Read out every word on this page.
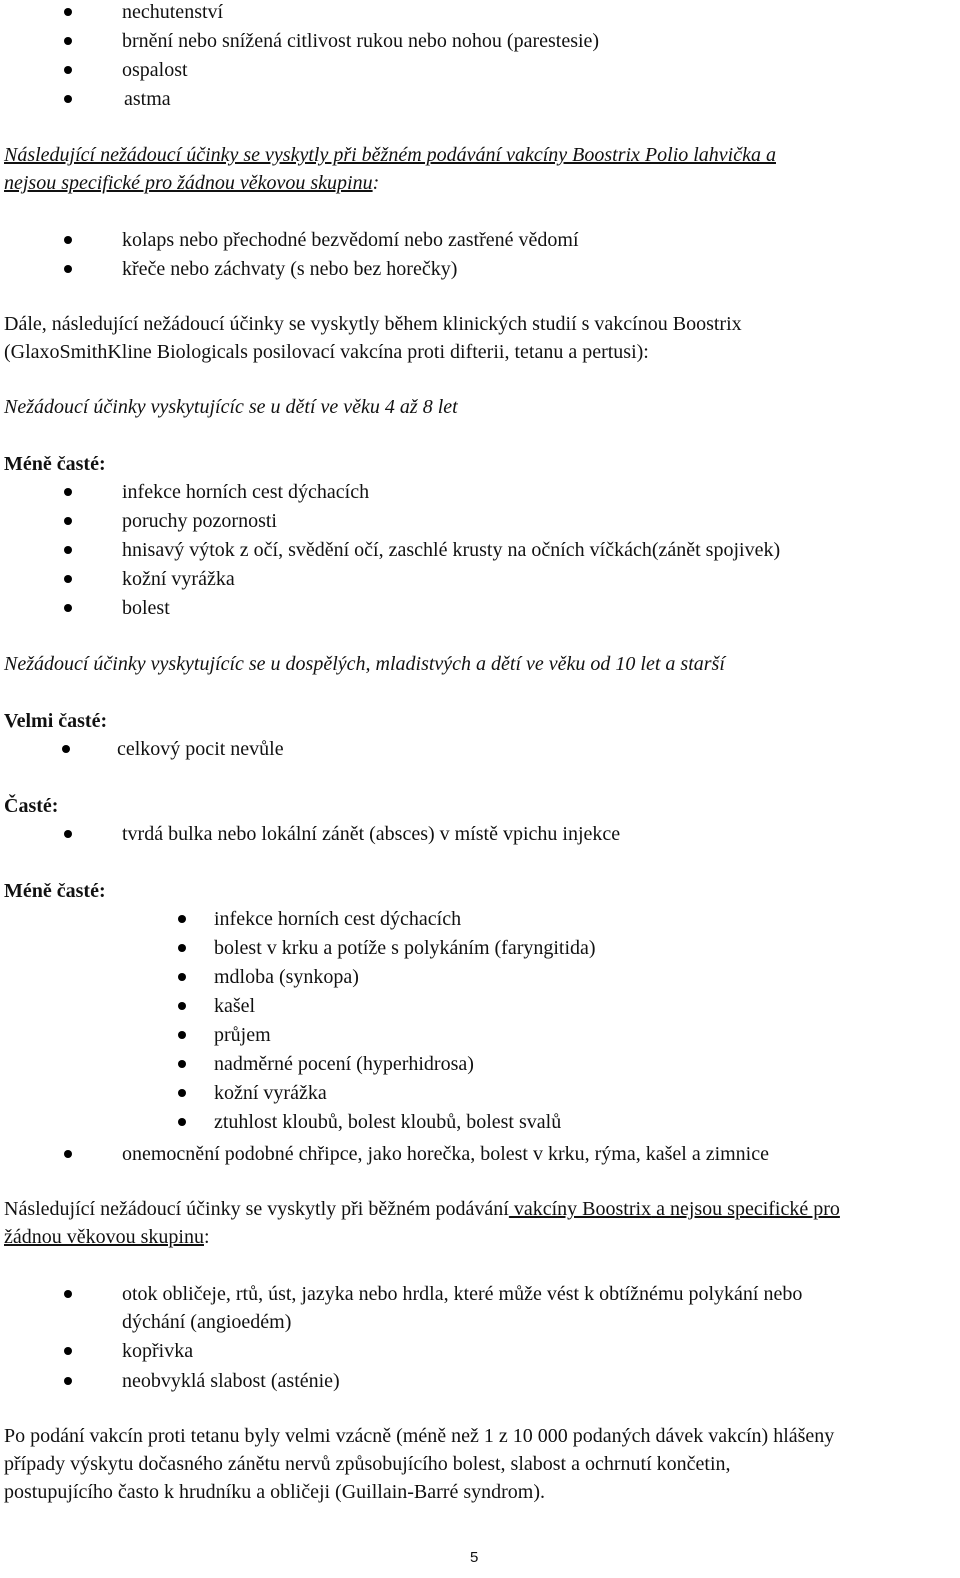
nechutenství
brnění nebo snížená citlivost rukou nebo nohou (parestesie)
ospalost
astma
Následující nežádoucí účinky se vyskytly při běžném podávání vakcíny Boostrix Polio lahvička a
nejsou specifické pro žádnou věkovou skupinu:
kolaps nebo přechodné bezvědomí nebo zastřené vědomí
křeče nebo záchvaty (s nebo bez horečky)
Dále, následující nežádoucí účinky se vyskytly během klinických studií s vakcínou Boostrix
(GlaxoSmithKline Biologicals posilovací vakcína proti difterii, tetanu a pertusi):
Nežádoucí účinky vyskytujícíc se u dětí ve věku 4 až 8 let
Méně časté:
infekce horních cest dýchacích
poruchy pozornosti
hnisavý výtok z očí, svědění očí, zaschlé krusty na očních víčkách(zánět spojivek)
kožní vyrážka
bolest
Nežádoucí účinky vyskytujícíc se u dospělých, mladistvých a dětí ve věku od 10 let a starší
Velmi časté:
celkový pocit nevůle
Časté:
tvrdá bulka nebo lokální zánět (absces) v místě vpichu injekce
Méně časté:
infekce horních cest dýchacích
bolest v krku a potíže s polykáním (faryngitida)
mdloba (synkopa)
kašel
průjem
nadměrné pocení (hyperhidrosa)
kožní vyrážka
ztuhlost kloubů, bolest kloubů, bolest svalů
onemocnění podobné chřipce, jako horečka, bolest v krku, rýma, kašel a zimnice
Následující nežádoucí účinky se vyskytly při běžném podávání vakcíny Boostrix a nejsou specifické pro
žádnou věkovou skupinu:
otok obličeje, rtů, úst, jazyka nebo hrdla, které může vést k obtížnému polykání nebo
dýchání (angioedém)
kopřivka
neobvyklá slabost (asténie)
Po podání vakcín proti tetanu byly velmi vzácně (méně než 1 z 10 000 podaných dávek vakcín) hlášeny
případy výskytu dočasného zánětu nervů způsobujícího bolest, slabost a ochrnutí končetin,
postupujícího často k hrudníku a obličeji (Guillain-Barré syndrom).
5
